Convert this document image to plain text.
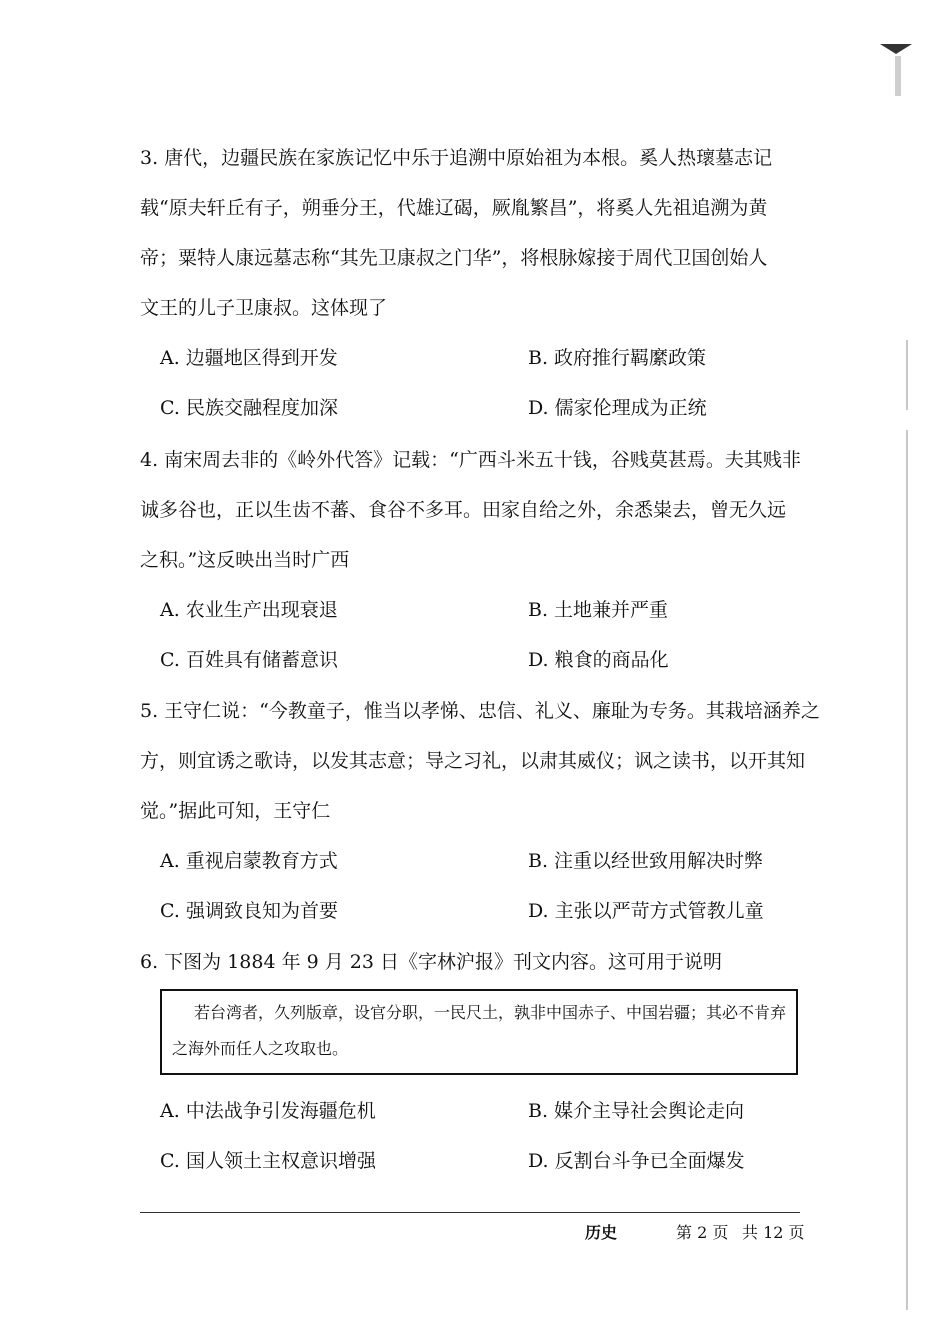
3. 唐代，边疆民族在家族记忆中乐于追溯中原始祖为本根。奚人热瓌墓志记
载“原夫轩丘有子，朔垂分王，代雄辽碣，厥胤繁昌”，将奚人先祖追溯为黄
帝；粟特人康远墓志称“其先卫康叔之门华”，将根脉嫁接于周代卫国创始人
文王的儿子卫康叔。这体现了
A. 边疆地区得到开发	B. 政府推行羁縻政策
C. 民族交融程度加深	D. 儒家伦理成为正统
4. 南宋周去非的《岭外代答》记载：“广西斗米五十钱，谷贱莫甚焉。夫其贱非
诚多谷也，正以生齿不蕃、食谷不多耳。田家自给之外，余悉粜去，曾无久远
之积。”这反映出当时广西
A. 农业生产出现衰退	B. 土地兼并严重
C. 百姓具有储蓄意识	D. 粮食的商品化
5. 王守仁说：“今教童子，惟当以孝悌、忠信、礼义、廉耻为专务。其栽培涵养之
方，则宜诱之歌诗，以发其志意；导之习礼，以肃其威仪；讽之读书，以开其知
觉。”据此可知，王守仁
A. 重视启蒙教育方式	B. 注重以经世致用解决时弊
C. 强调致良知为首要	D. 主张以严苛方式管教儿童
6. 下图为 1884 年 9 月 23 日《字林沪报》刊文内容。这可用于说明
若台湾者，久列版章，设官分职，一民尺土，孰非中国赤子、中国岩疆；其必不肯弃
之海外而任人之攻取也。
A. 中法战争引发海疆危机	B. 媒介主导社会舆论走向
C. 国人领土主权意识增强	D. 反割台斗争已全面爆发
历史	第 2 页 共 12 页
